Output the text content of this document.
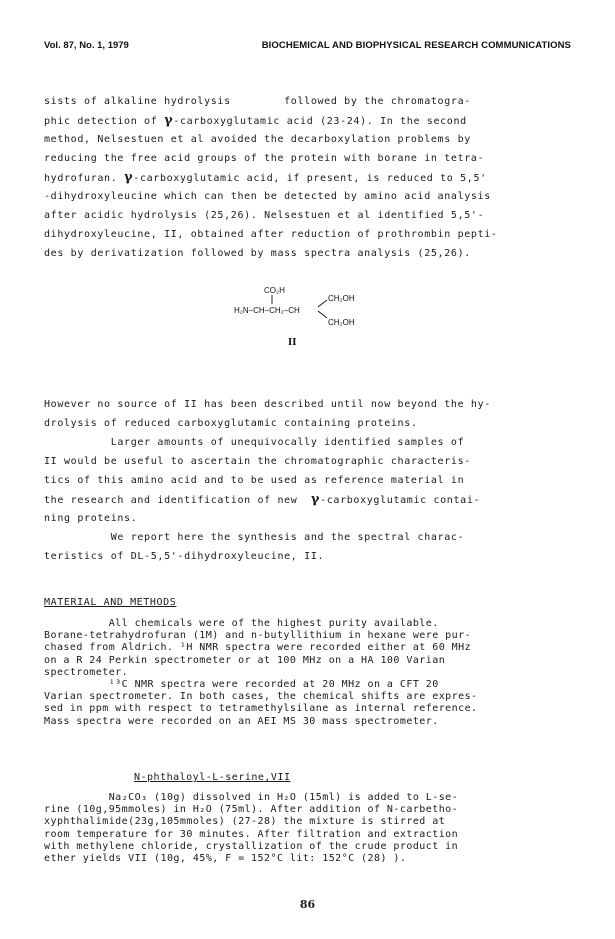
Vol. 87, No. 1, 1979	BIOCHEMICAL AND BIOPHYSICAL RESEARCH COMMUNICATIONS
sists of alkaline hydrolysis        followed by the chromatogra-
phic detection of γ-carboxyglutamic acid (23-24). In the second
method, Nelsestuen et al avoided the decarboxylation problems by
reducing the free acid groups of the protein with borane in tetra-
hydrofuran. γ-carboxyglutamic acid, if present, is reduced to 5,5'
-dihydroxyleucine which can then be detected by amino acid analysis
after acidic hydrolysis (25,26). Nelsestuen et al identified 5,5'-
dihydroxyleucine, II, obtained after reduction of prothrombin pepti-
des by derivatization followed by mass spectra analysis (25,26).
CO₂H
H₂N–CH–CH₂–CH
CH₂OH
CH₂OH
II
However no source of II has been described until now beyond the hy-
drolysis of reduced carboxyglutamic containing proteins.
Larger amounts of unequivocally identified samples of
II would be useful to ascertain the chromatographic characteris-
tics of this amino acid and to be used as reference material in
the research and identification of new  γ-carboxyglutamic contai-
ning proteins.
We report here the synthesis and the spectral charac-
teristics of DL-5,5'-dihydroxyleucine, II.
MATERIAL AND METHODS
All chemicals were of the highest purity available.
Borane-tetrahydrofuran (1M) and n-butyllithium in hexane were pur-
chased from Aldrich. ¹H NMR spectra were recorded either at 60 MHz
on a R 24 Perkin spectrometer or at 100 MHz on a HA 100 Varian
spectrometer.
¹³C NMR spectra were recorded at 20 MHz on a CFT 20
Varian spectrometer. In both cases, the chemical shifts are expres-
sed in ppm with respect to tetramethylsilane as internal reference.
Mass spectra were recorded on an AEI MS 30 mass spectrometer.
N-phthaloyl-L-serine,VII
Na₂CO₃ (10g) dissolved in H₂O (15ml) is added to L-se-
rine (10g,95mmoles) in H₂O (75ml). After addition of N-carbetho-
xyphthalimide(23g,105mmoles) (27-28) the mixture is stirred at
room temperature for 30 minutes. After filtration and extraction
with methylene chloride, crystallization of the crude product in
ether yields VII (10g, 45%, F = 152°C lit: 152°C (28) ).
86
